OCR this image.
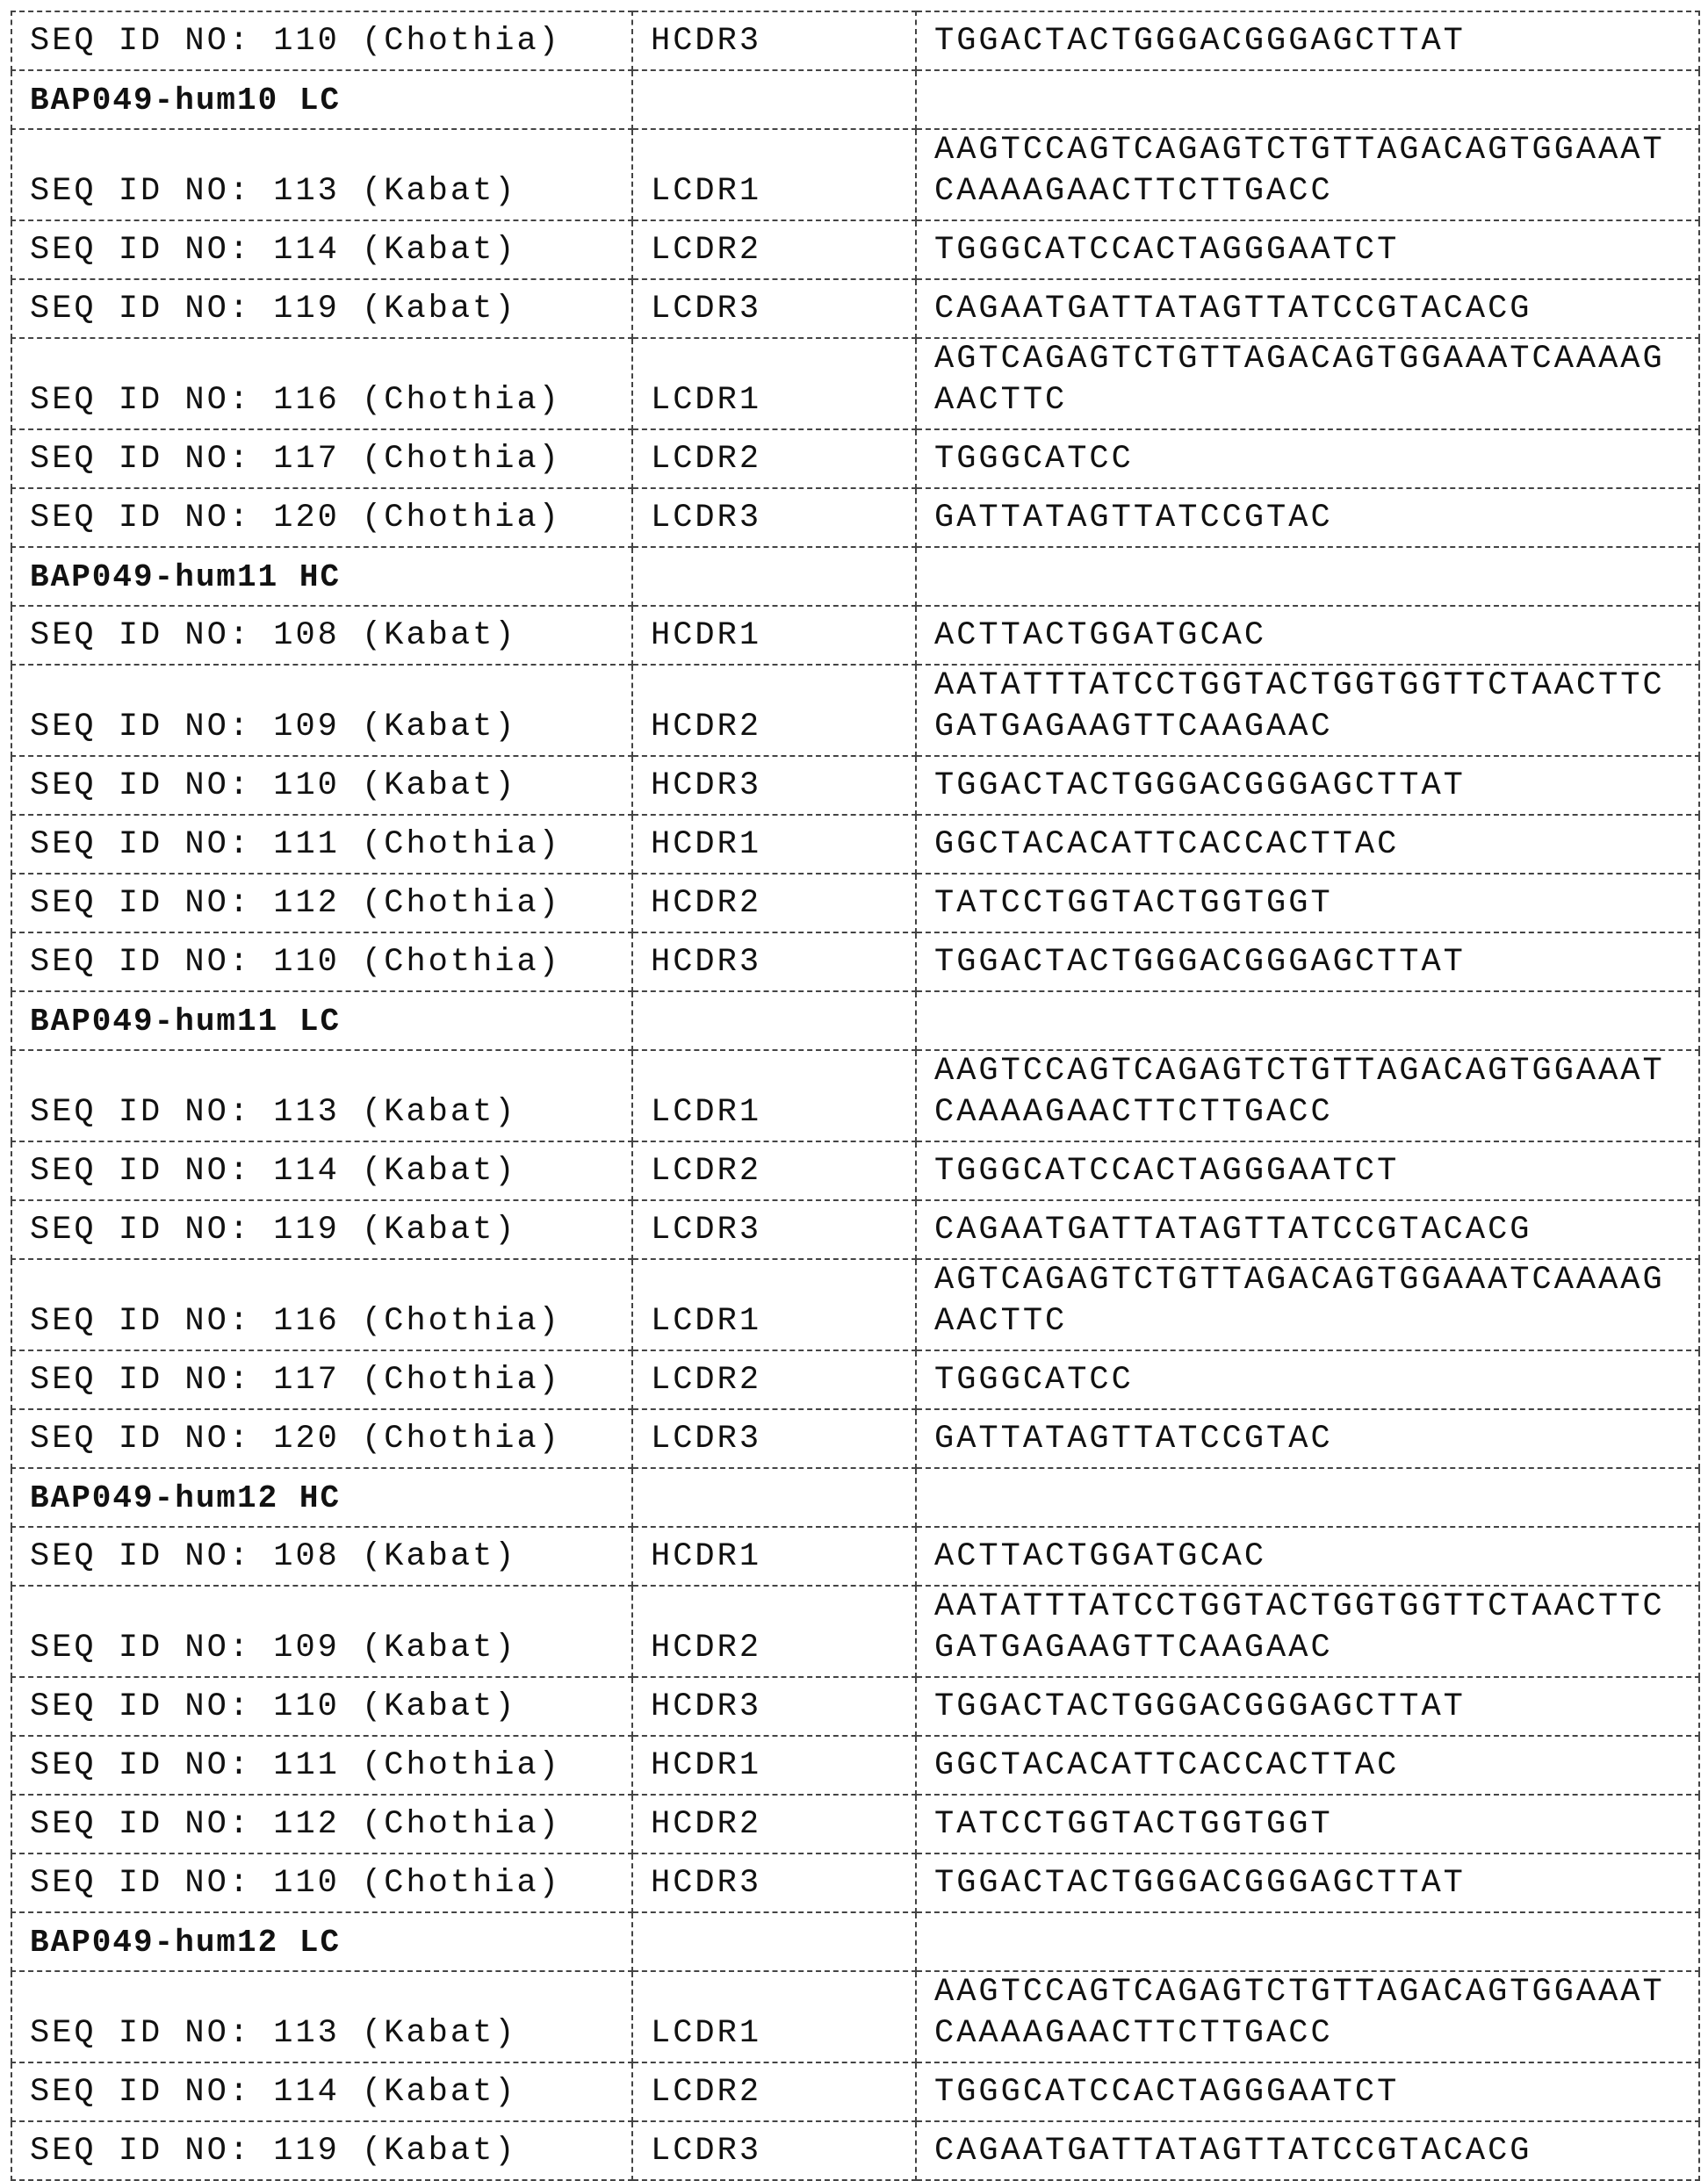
SEQ ID NO: 110 (Chothia)	HCDR3	TGGACTACTGGGACGGGAGCTTAT

BAP049-hum10 LC		
SEQ ID NO: 113 (Kabat)	LCDR1	
AAGTCCAGTCAGAGTCTGTTAGACAGTGGAAAT
CAAAAGAACTTCTTGACC

SEQ ID NO: 114 (Kabat)	LCDR2	TGGGCATCCACTAGGGAATCT

SEQ ID NO: 119 (Kabat)	LCDR3	CAGAATGATTATAGTTATCCGTACACG

SEQ ID NO: 116 (Chothia)	LCDR1	
AGTCAGAGTCTGTTAGACAGTGGAAATCAAAAG
AACTTC

SEQ ID NO: 117 (Chothia)	LCDR2	TGGGCATCC

SEQ ID NO: 120 (Chothia)	LCDR3	GATTATAGTTATCCGTAC

BAP049-hum11 HC		
SEQ ID NO: 108 (Kabat)	HCDR1	ACTTACTGGATGCAC

SEQ ID NO: 109 (Kabat)	HCDR2	
AATATTTATCCTGGTACTGGTGGTTCTAACTTC
GATGAGAAGTTCAAGAAC

SEQ ID NO: 110 (Kabat)	HCDR3	TGGACTACTGGGACGGGAGCTTAT

SEQ ID NO: 111 (Chothia)	HCDR1	GGCTACACATTCACCACTTAC

SEQ ID NO: 112 (Chothia)	HCDR2	TATCCTGGTACTGGTGGT

SEQ ID NO: 110 (Chothia)	HCDR3	TGGACTACTGGGACGGGAGCTTAT

BAP049-hum11 LC		
SEQ ID NO: 113 (Kabat)	LCDR1	
AAGTCCAGTCAGAGTCTGTTAGACAGTGGAAAT
CAAAAGAACTTCTTGACC

SEQ ID NO: 114 (Kabat)	LCDR2	TGGGCATCCACTAGGGAATCT

SEQ ID NO: 119 (Kabat)	LCDR3	CAGAATGATTATAGTTATCCGTACACG

SEQ ID NO: 116 (Chothia)	LCDR1	
AGTCAGAGTCTGTTAGACAGTGGAAATCAAAAG
AACTTC

SEQ ID NO: 117 (Chothia)	LCDR2	TGGGCATCC

SEQ ID NO: 120 (Chothia)	LCDR3	GATTATAGTTATCCGTAC

BAP049-hum12 HC		
SEQ ID NO: 108 (Kabat)	HCDR1	ACTTACTGGATGCAC

SEQ ID NO: 109 (Kabat)	HCDR2	
AATATTTATCCTGGTACTGGTGGTTCTAACTTC
GATGAGAAGTTCAAGAAC

SEQ ID NO: 110 (Kabat)	HCDR3	TGGACTACTGGGACGGGAGCTTAT

SEQ ID NO: 111 (Chothia)	HCDR1	GGCTACACATTCACCACTTAC

SEQ ID NO: 112 (Chothia)	HCDR2	TATCCTGGTACTGGTGGT

SEQ ID NO: 110 (Chothia)	HCDR3	TGGACTACTGGGACGGGAGCTTAT

BAP049-hum12 LC		
SEQ ID NO: 113 (Kabat)	LCDR1	
AAGTCCAGTCAGAGTCTGTTAGACAGTGGAAAT
CAAAAGAACTTCTTGACC

SEQ ID NO: 114 (Kabat)	LCDR2	TGGGCATCCACTAGGGAATCT

SEQ ID NO: 119 (Kabat)	LCDR3	CAGAATGATTATAGTTATCCGTACACG
